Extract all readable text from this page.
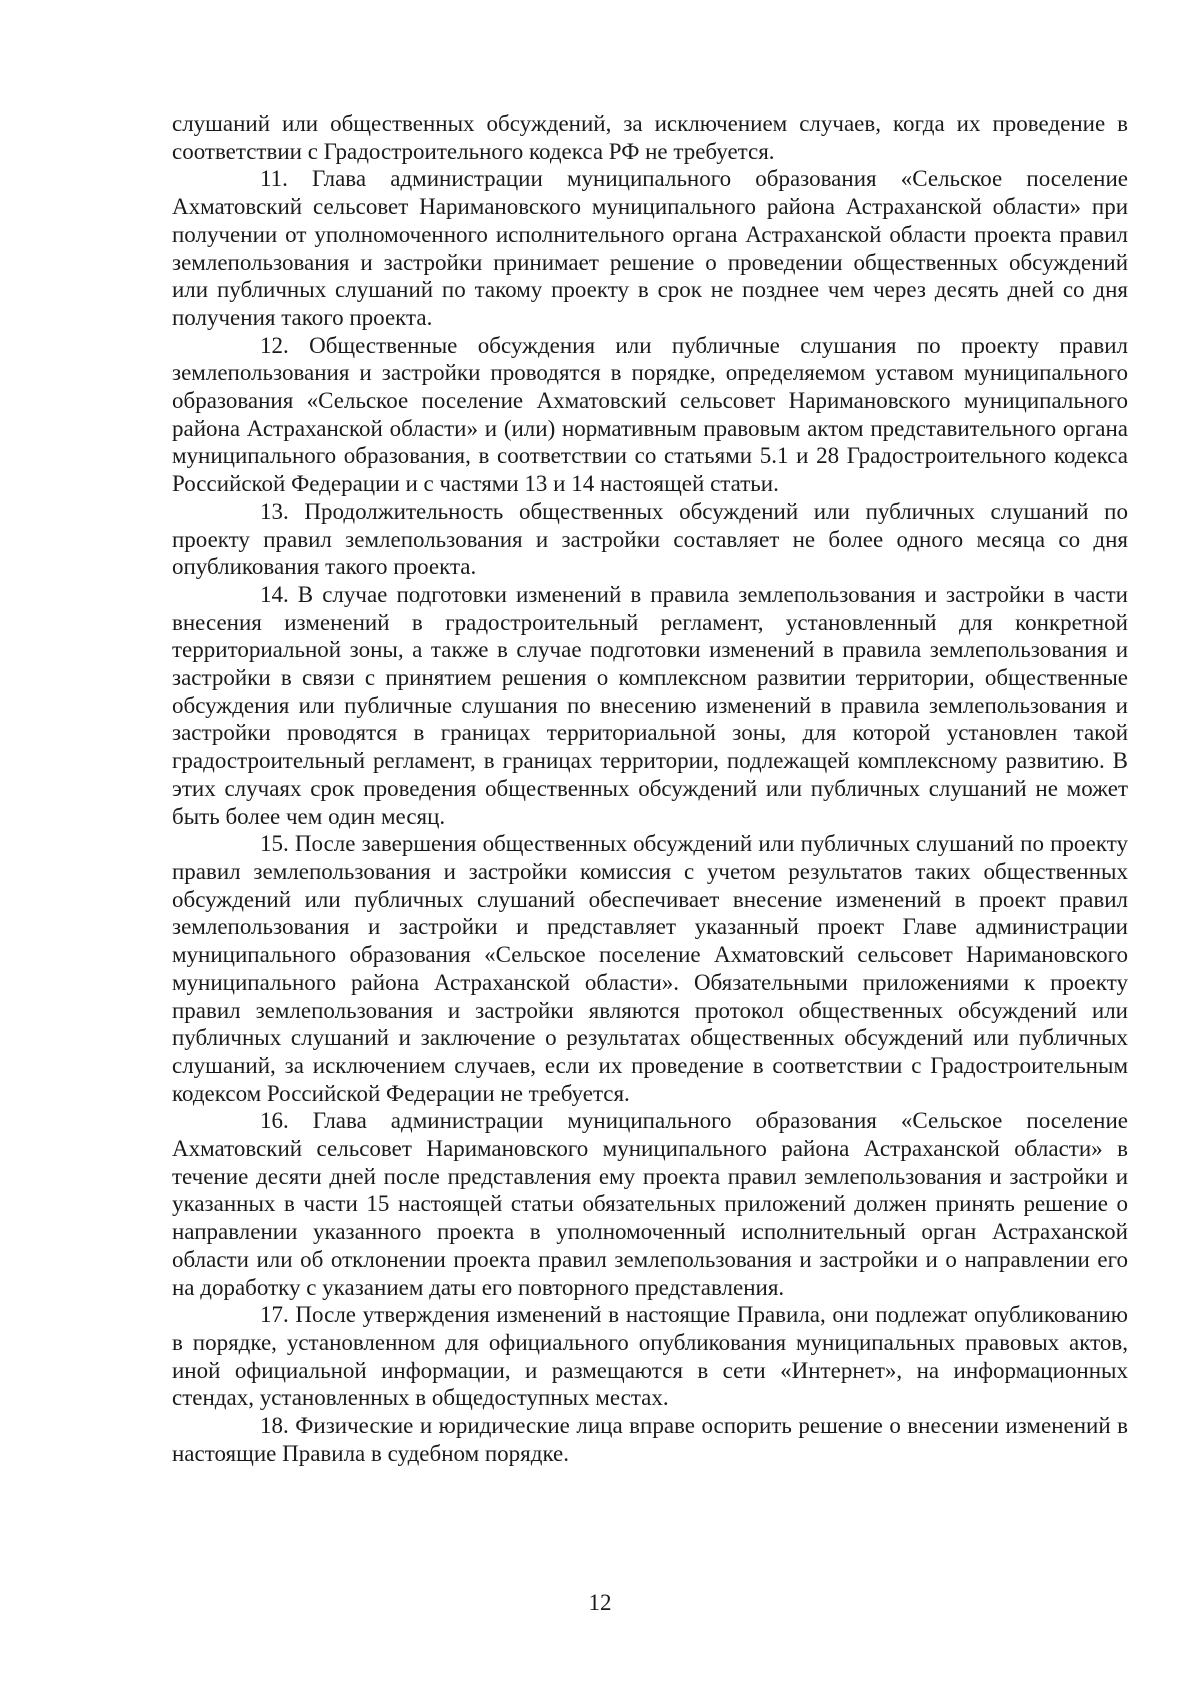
слушаний или общественных обсуждений, за исключением случаев, когда их проведение в соответствии с Градостроительного кодекса РФ не требуется.

11. Глава администрации муниципального образования «Сельское поселение Ахматовский сельсовет Наримановского муниципального района Астраханской области» при получении от уполномоченного исполнительного органа Астраханской области проекта правил землепользования и застройки принимает решение о проведении общественных обсуждений или публичных слушаний по такому проекту в срок не позднее чем через десять дней со дня получения такого проекта.

12. Общественные обсуждения или публичные слушания по проекту правил землепользования и застройки проводятся в порядке, определяемом уставом муниципального образования «Сельское поселение Ахматовский сельсовет Наримановского муниципального района Астраханской области» и (или) нормативным правовым актом представительного органа муниципального образования, в соответствии со статьями 5.1 и 28 Градостроительного кодекса Российской Федерации и с частями 13 и 14 настоящей статьи.

13. Продолжительность общественных обсуждений или публичных слушаний по проекту правил землепользования и застройки составляет не более одного месяца со дня опубликования такого проекта.

14. В случае подготовки изменений в правила землепользования и застройки в части внесения изменений в градостроительный регламент, установленный для конкретной территориальной зоны, а также в случае подготовки изменений в правила землепользования и застройки в связи с принятием решения о комплексном развитии территории, общественные обсуждения или публичные слушания по внесению изменений в правила землепользования и застройки проводятся в границах территориальной зоны, для которой установлен такой градостроительный регламент, в границах территории, подлежащей комплексному развитию. В этих случаях срок проведения общественных обсуждений или публичных слушаний не может быть более чем один месяц.

15. После завершения общественных обсуждений или публичных слушаний по проекту правил землепользования и застройки комиссия с учетом результатов таких общественных обсуждений или публичных слушаний обеспечивает внесение изменений в проект правил землепользования и застройки и представляет указанный проект Главе администрации муниципального образования «Сельское поселение Ахматовский сельсовет Наримановского муниципального района Астраханской области». Обязательными приложениями к проекту правил землепользования и застройки являются протокол общественных обсуждений или публичных слушаний и заключение о результатах общественных обсуждений или публичных слушаний, за исключением случаев, если их проведение в соответствии с Градостроительным кодексом Российской Федерации не требуется.

16. Глава администрации муниципального образования «Сельское поселение Ахматовский сельсовет Наримановского муниципального района Астраханской области» в течение десяти дней после представления ему проекта правил землепользования и застройки и указанных в части 15 настоящей статьи обязательных приложений должен принять решение о направлении указанного проекта в уполномоченный исполнительный орган Астраханской области или об отклонении проекта правил землепользования и застройки и о направлении его на доработку с указанием даты его повторного представления.

17. После утверждения изменений в настоящие Правила, они подлежат опубликованию в порядке, установленном для официального опубликования муниципальных правовых актов, иной официальной информации, и размещаются в сети «Интернет», на информационных стендах, установленных в общедоступных местах.

18. Физические и юридические лица вправе оспорить решение о внесении изменений в настоящие Правила в судебном порядке.

12
